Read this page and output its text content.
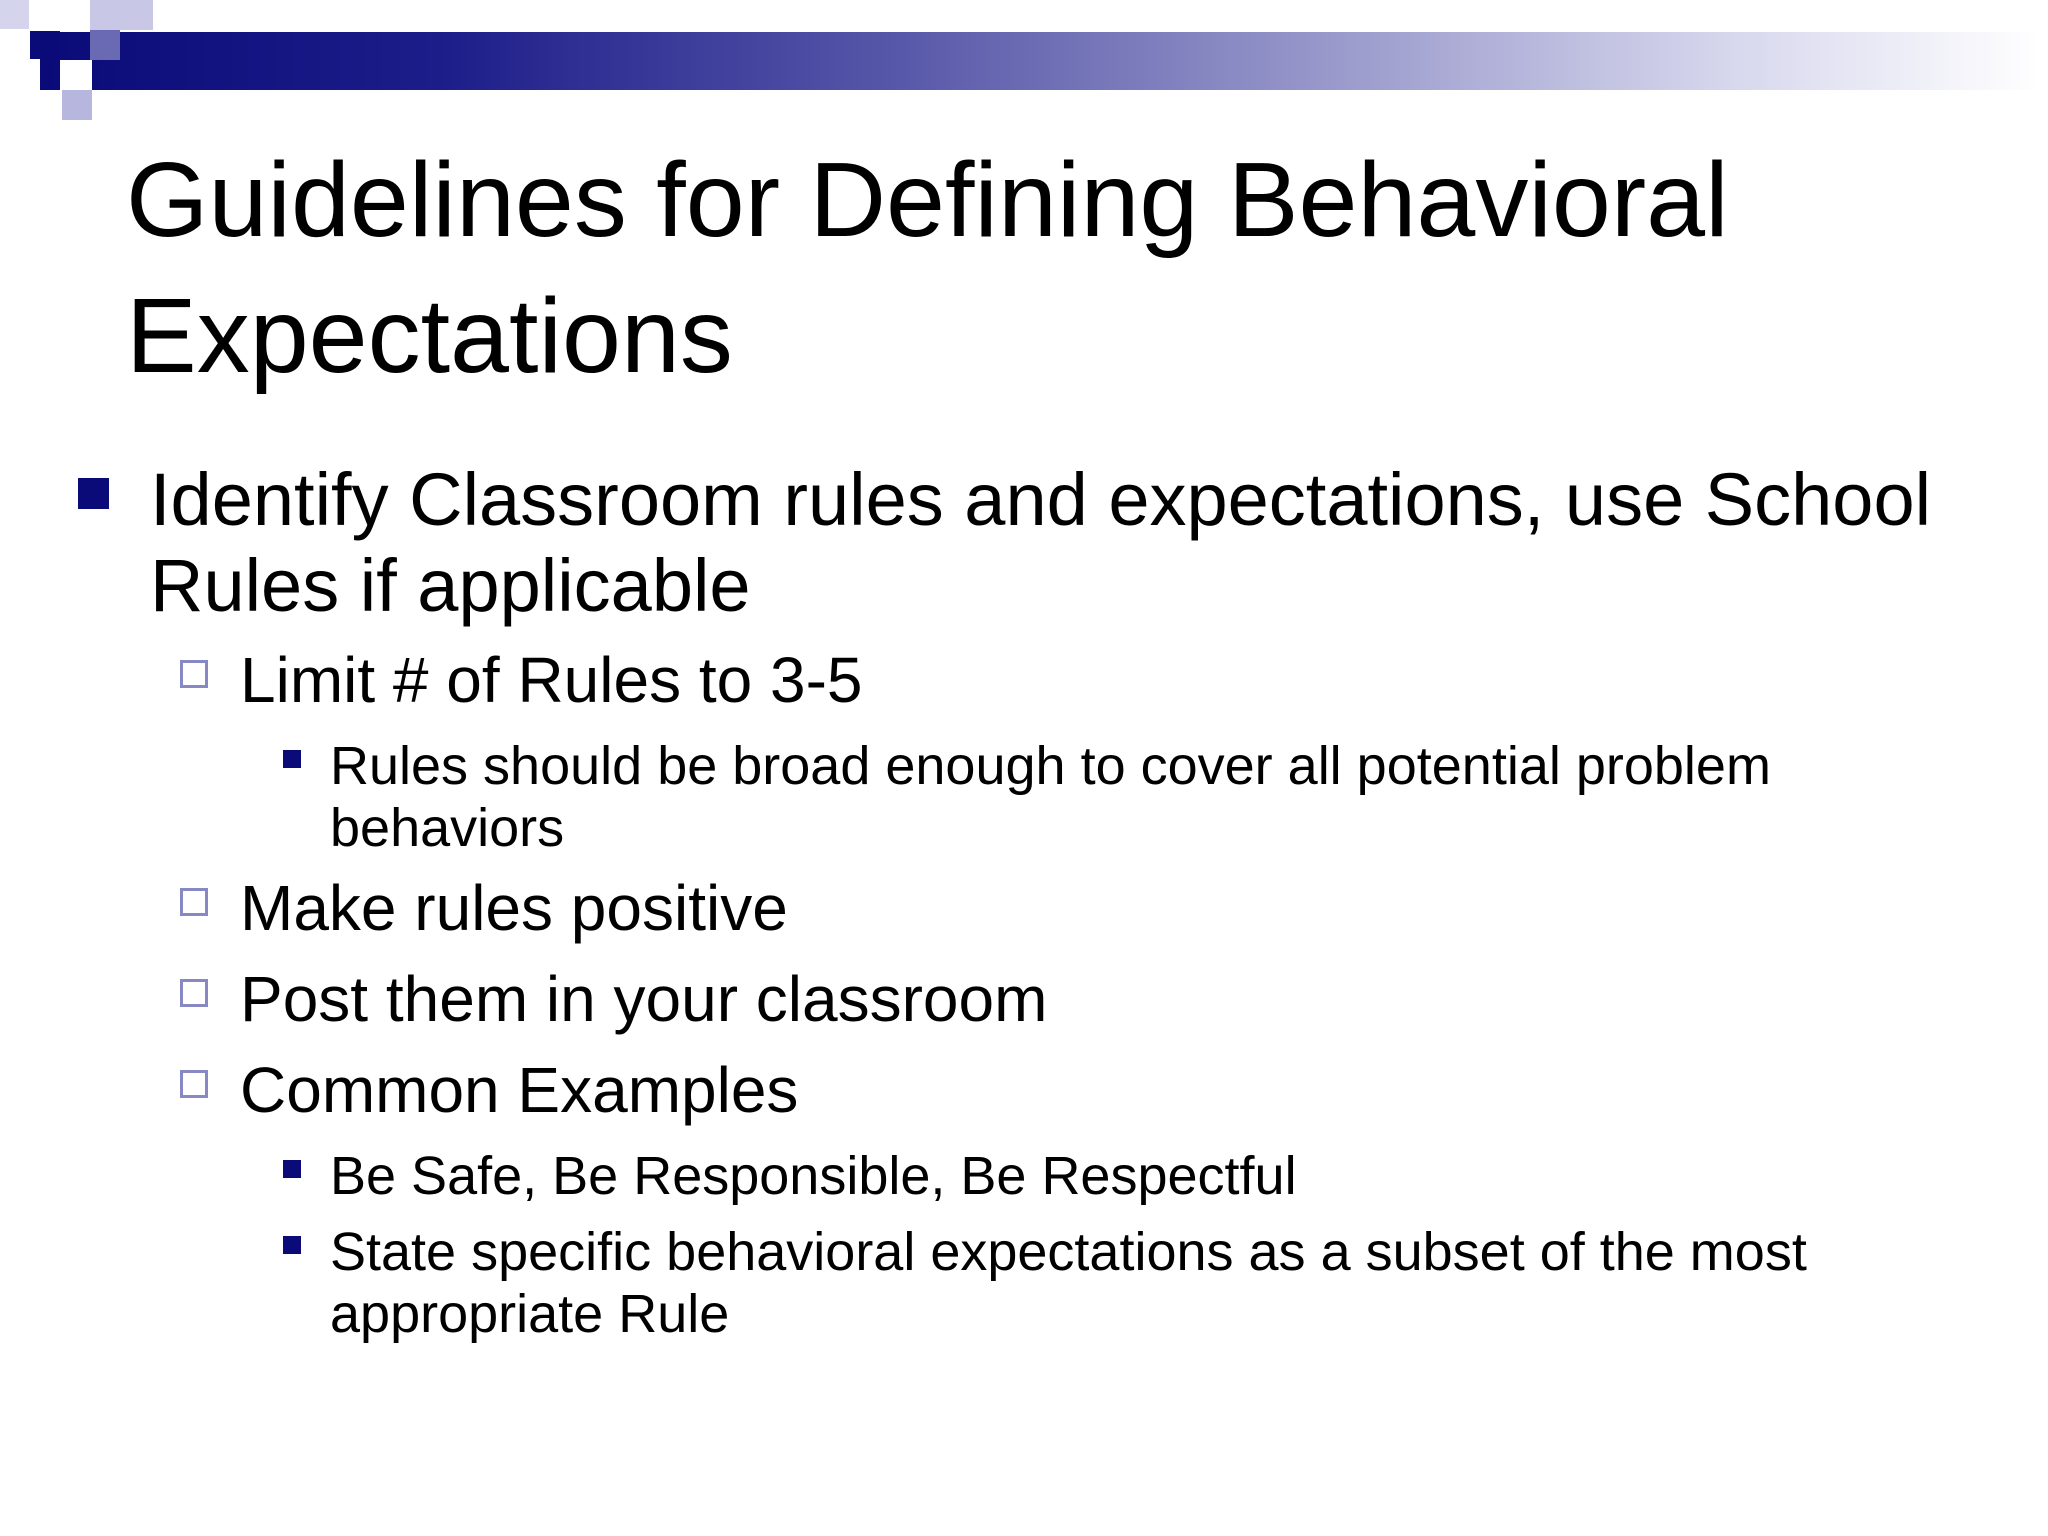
Guidelines for Defining Behavioral Expectations
Identify Classroom rules and expectations, use School Rules if applicable
Limit # of Rules to 3-5
Rules should be broad enough to cover all potential problem behaviors
Make rules positive
Post them in your classroom
Common Examples
Be Safe, Be Responsible, Be Respectful
State specific behavioral expectations as a subset of the most appropriate Rule
